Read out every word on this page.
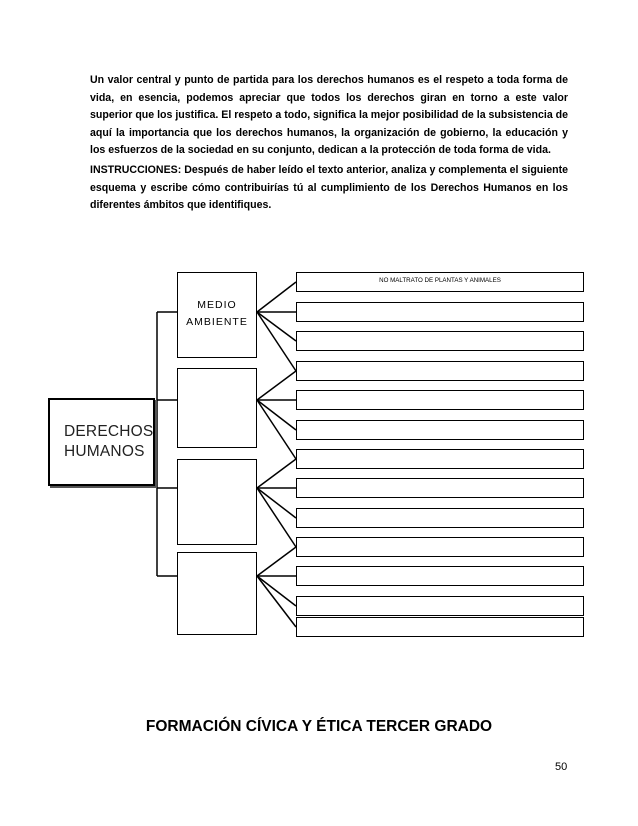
Un valor central y punto de partida para los derechos humanos es el respeto a toda forma de vida, en esencia, podemos apreciar que todos los derechos giran en torno a este valor superior que los justifica. El respeto a todo, significa la mejor posibilidad de la subsistencia de aquí la importancia que los derechos humanos, la organización de gobierno, la educación y los esfuerzos de la sociedad en su conjunto, dedican a la protección de toda forma de vida.

INSTRUCCIONES: Después de haber leído el texto anterior, analiza y complementa el siguiente esquema y escribe cómo contribuirías tú al cumplimiento de los Derechos Humanos en los diferentes ámbitos que identifiques.

DERECHOS
HUMANOS
MEDIO
AMBIENTE
NO MALTRATO DE PLANTAS Y ANIMALES

FORMACIÓN CÍVICA Y ÉTICA TERCER GRADO

50
